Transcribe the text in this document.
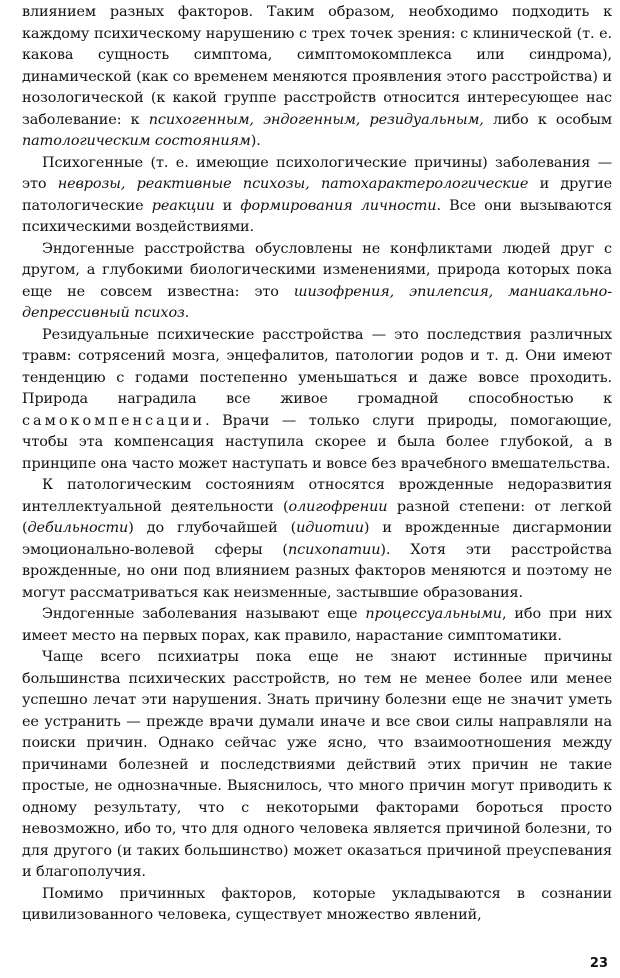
влиянием разных факторов. Таким образом, необходимо подходить к каждому психическому нарушению с трех точек зрения: с клинической (т. е. какова сущность симптома, симптомокомплекса или синдрома), динамической (как со временем меняются проявления этого расстройства) и нозологической (к какой группе расстройств относится интересующее нас заболевание: к психогенным, эндогенным, резидуальным, либо к особым патологическим состояниям).

Психогенные (т. е. имеющие психологические причины) заболевания — это неврозы, реактивные психозы, патохарактерологические и другие патологические реакции и формирования личности. Все они вызываются психическими воздействиями.

Эндогенные расстройства обусловлены не конфликтами людей друг с другом, а глубокими биологическими изменениями, природа которых пока еще не совсем известна: это шизофрения, эпилепсия, маниакально-депрессивный психоз.

Резидуальные психические расстройства — это последствия различных травм: сотрясений мозга, энцефалитов, патологии родов и т. д. Они имеют тенденцию с годами постепенно уменьшаться и даже вовсе проходить. Природа наградила все живое громадной способностью к самокомпенсации. Врачи — только слуги природы, помогающие, чтобы эта компенсация наступила скорее и была более глубокой, а в принципе она часто может наступать и вовсе без врачебного вмешательства.

К патологическим состояниям относятся врожденные недоразвития интеллектуальной деятельности (олигофрении разной степени: от легкой (дебильности) до глубочайшей (идиотии) и врожденные дисгармонии эмоционально-волевой сферы (психопатии). Хотя эти расстройства врожденные, но они под влиянием разных факторов меняются и поэтому не могут рассматриваться как неизменные, застывшие образования.

Эндогенные заболевания называют еще процессуальными, ибо при них имеет место на первых порах, как правило, нарастание симптоматики.

Чаще всего психиатры пока еще не знают истинные причины большинства психических расстройств, но тем не менее более или менее успешно лечат эти нарушения. Знать причину болезни еще не значит уметь ее устранить — прежде врачи думали иначе и все свои силы направляли на поиски причин. Однако сейчас уже ясно, что взаимоотношения между причинами болезней и последствиями действий этих причин не такие простые, не однозначные. Выяснилось, что много причин могут приводить к одному результату, что с некоторыми факторами бороться просто невозможно, ибо то, что для одного человека является причиной болезни, то для другого (и таких большинство) может оказаться причиной преуспевания и благополучия.

Помимо причинных факторов, которые укладываются в сознании цивилизованного человека, существует множество явлений,

23
